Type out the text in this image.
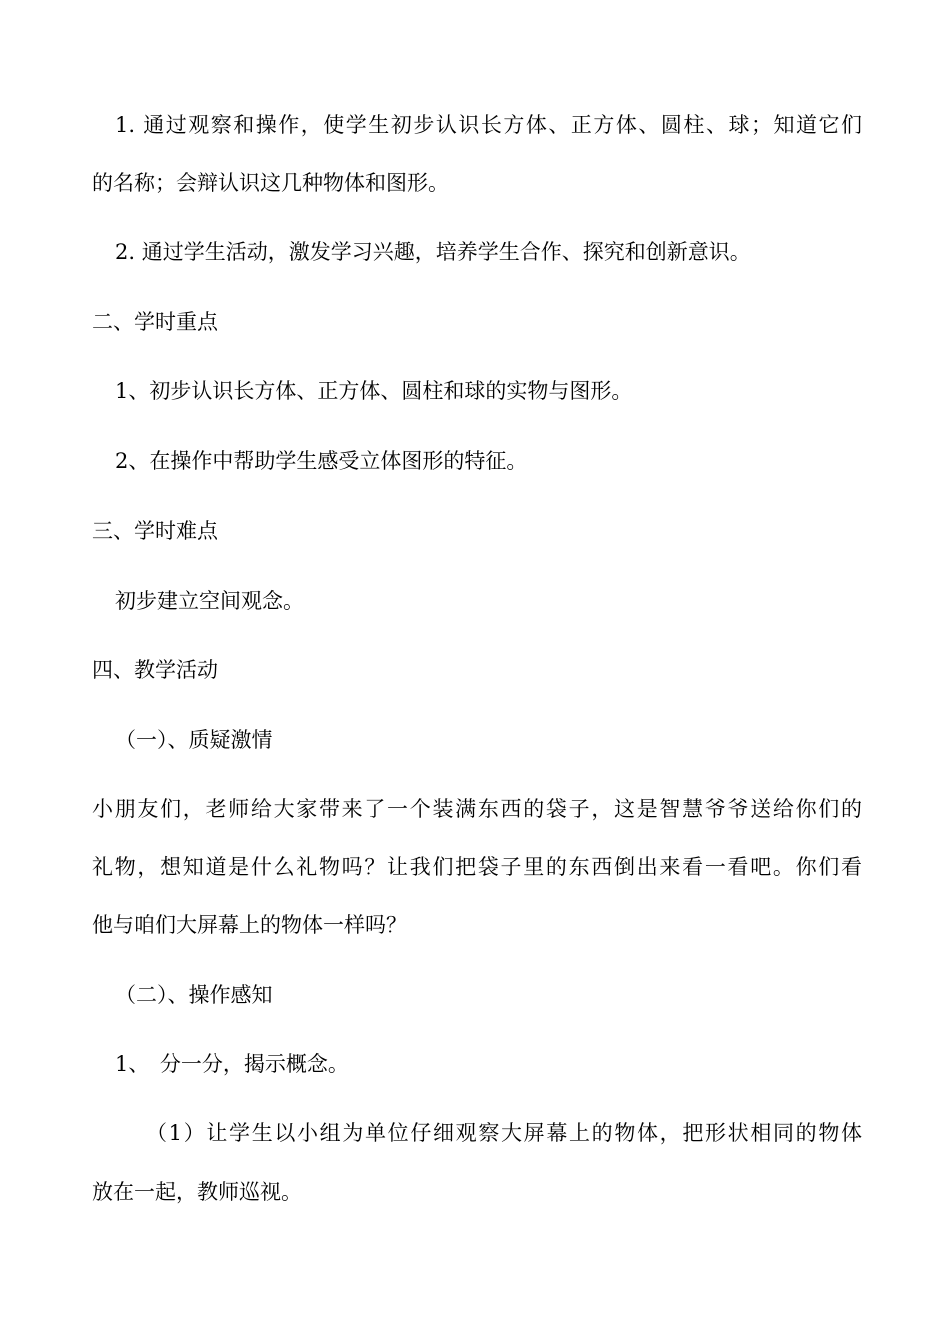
1. 通过观察和操作，使学生初步认识长方体、正方体、圆柱、球；知道它们
的名称；会辩认识这几种物体和图形。
2. 通过学生活动，激发学习兴趣，培养学生合作、探究和创新意识。
二、学时重点
1、初步认识长方体、正方体、圆柱和球的实物与图形。
2、在操作中帮助学生感受立体图形的特征。
三、学时难点
初步建立空间观念。
四、教学活动
（一）、质疑激情
小朋友们，老师给大家带来了一个装满东西的袋子，这是智慧爷爷送给你们的
礼物，想知道是什么礼物吗？让我们把袋子里的东西倒出来看一看吧。你们看
他与咱们大屏幕上的物体一样吗？
（二）、操作感知
1、　分一分，揭示概念。
（1）让学生以小组为单位仔细观察大屏幕上的物体，把形状相同的物体
放在一起，教师巡视。
